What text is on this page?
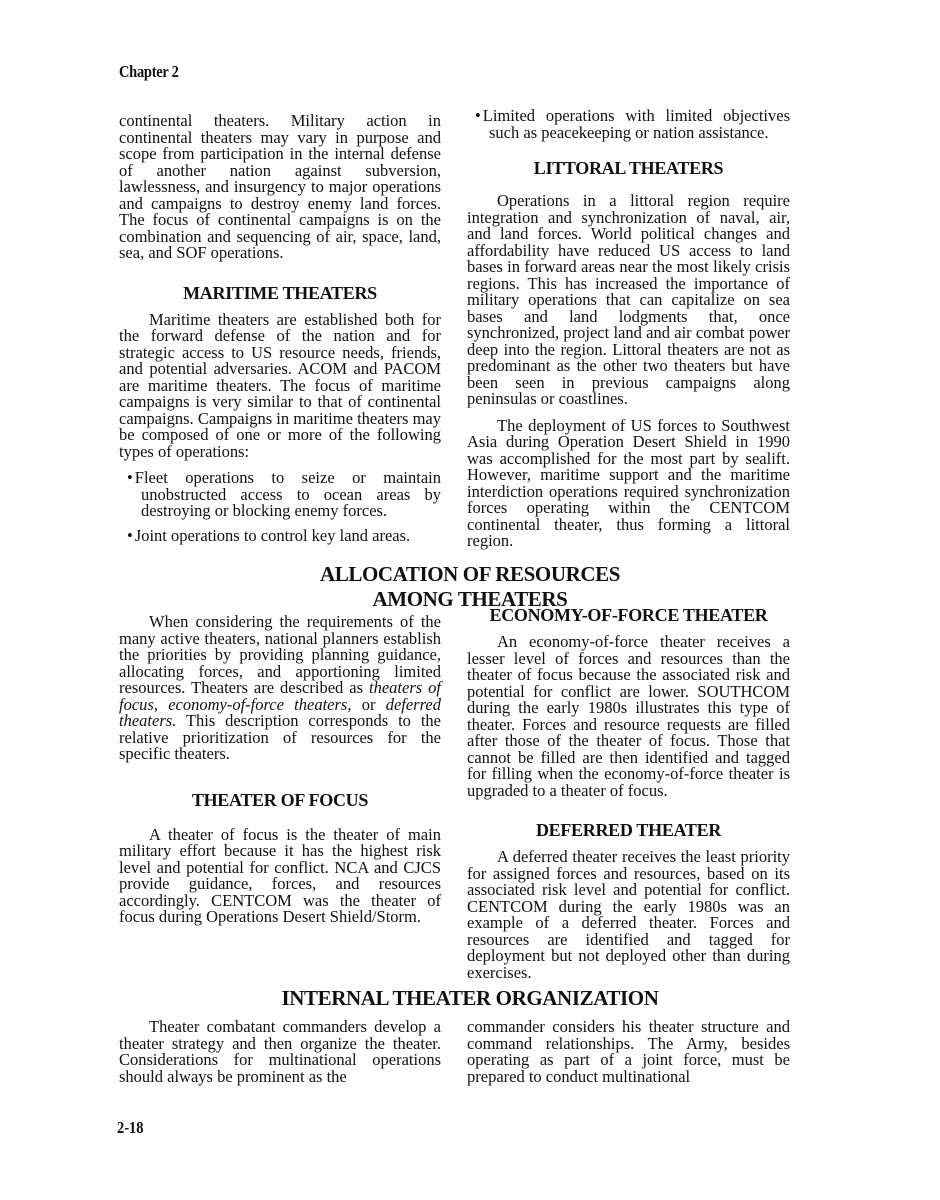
Chapter 2

continental theaters. Military action in continental theaters may vary in purpose and scope from participation in the internal defense of another nation against subversion, lawlessness, and insurgency to major operations and campaigns to destroy enemy land forces. The focus of continental campaigns is on the combination and sequencing of air, space, land, sea, and SOF operations.

MARITIME THEATERS

Maritime theaters are established both for the forward defense of the nation and for strategic access to US resource needs, friends, and potential adversaries. ACOM and PACOM are maritime theaters. The focus of maritime campaigns is very similar to that of continental campaigns. Campaigns in maritime theaters may be composed of one or more of the following types of operations:

• Fleet operations to seize or maintain unobstructed access to ocean areas by destroying or blocking enemy forces.
• Joint operations to control key land areas.
• Limited operations with limited objectives such as peacekeeping or nation assistance.
LITTORAL THEATERS

Operations in a littoral region require integration and synchronization of naval, air, and land forces. World political changes and affordability have reduced US access to land bases in forward areas near the most likely crisis regions. This has increased the importance of military operations that can capitalize on sea bases and land lodgments that, once synchronized, project land and air combat power deep into the region. Littoral theaters are not as predominant as the other two theaters but have been seen in previous campaigns along peninsulas or coastlines.

The deployment of US forces to Southwest Asia during Operation Desert Shield in 1990 was accomplished for the most part by sealift. However, maritime support and the maritime interdiction operations required synchronization forces operating within the CENTCOM continental theater, thus forming a littoral region.

ALLOCATION OF RESOURCES
AMONG THEATERS

When considering the requirements of the many active theaters, national planners establish the priorities by providing planning guidance, allocating forces, and apportioning limited resources. Theaters are described as theaters of focus, economy-of-force theaters, or deferred theaters. This description corresponds to the relative prioritization of resources for the specific theaters.

THEATER OF FOCUS

A theater of focus is the theater of main military effort because it has the highest risk level and potential for conflict. NCA and CJCS provide guidance, forces, and resources accordingly. CENTCOM was the theater of focus during Operations Desert Shield/Storm.

ECONOMY-OF-FORCE THEATER

An economy-of-force theater receives a lesser level of forces and resources than the theater of focus because the associated risk and potential for conflict are lower. SOUTHCOM during the early 1980s illustrates this type of theater. Forces and resource requests are filled after those of the theater of focus. Those that cannot be filled are then identified and tagged for filling when the economy-of-force theater is upgraded to a theater of focus.

DEFERRED THEATER

A deferred theater receives the least priority for assigned forces and resources, based on its associated risk level and potential for conflict. CENTCOM during the early 1980s was an example of a deferred theater. Forces and resources are identified and tagged for deployment but not deployed other than during exercises.

INTERNAL THEATER ORGANIZATION

Theater combatant commanders develop a theater strategy and then organize the theater. Considerations for multinational operations should always be prominent as the

commander considers his theater structure and command relationships. The Army, besides operating as part of a joint force, must be prepared to conduct multinational

2-18
